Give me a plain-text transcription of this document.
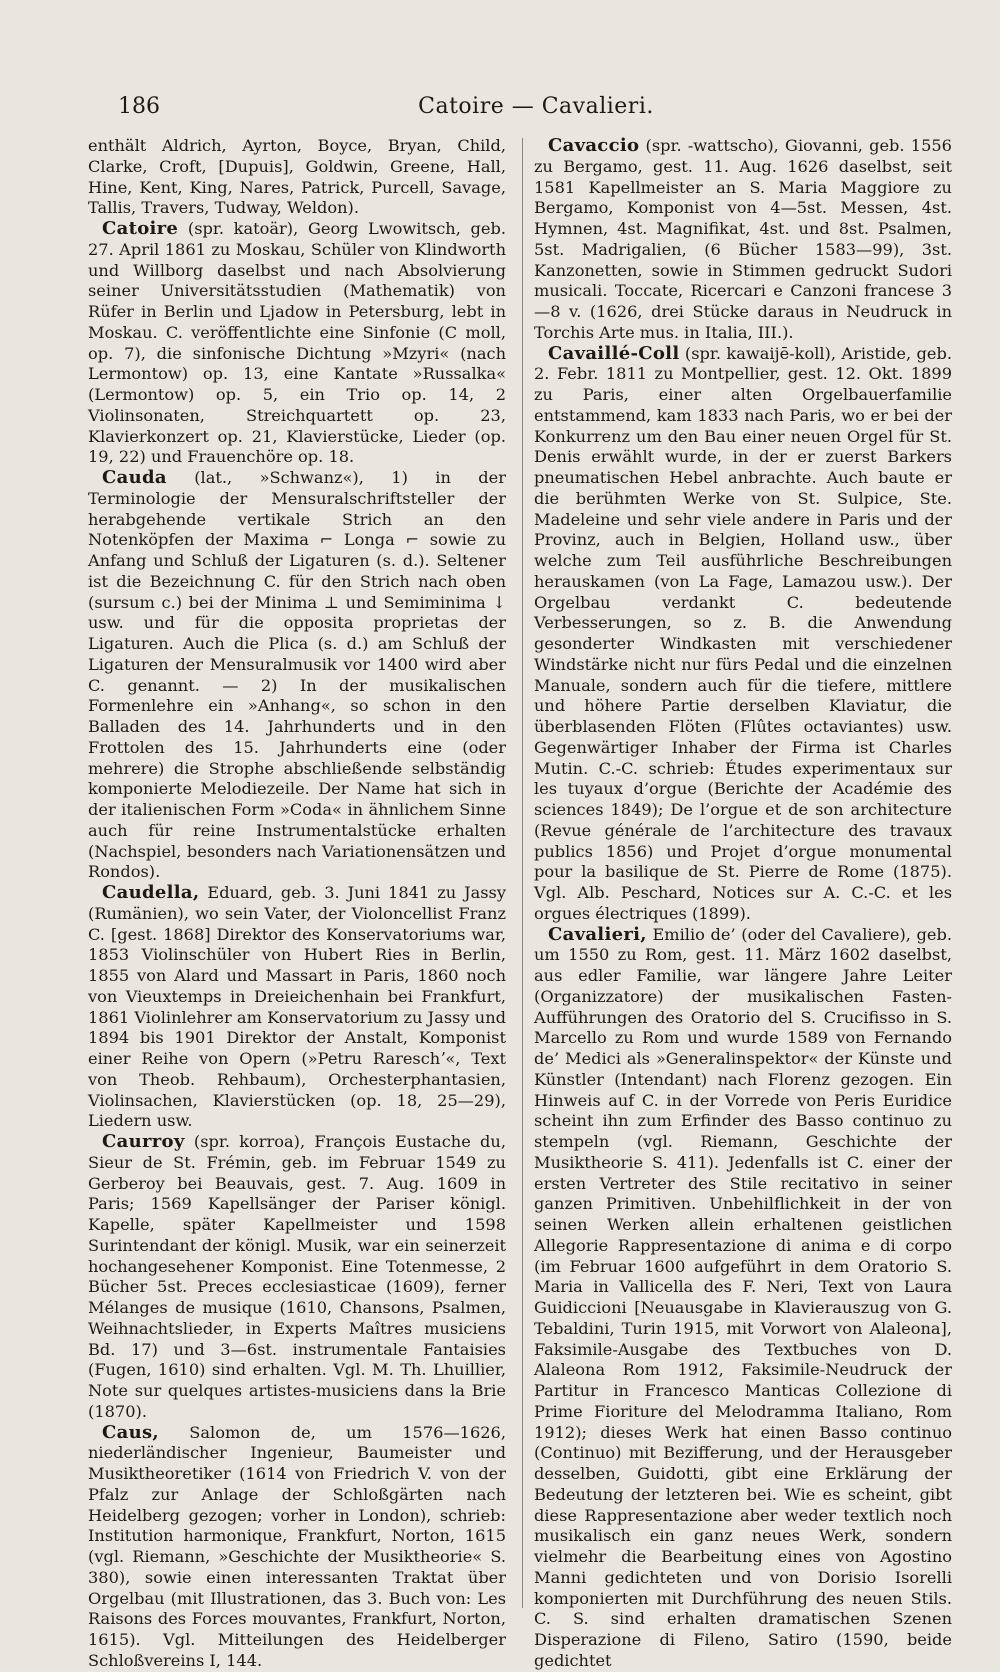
186	Catoire — Cavalieri.

enthält Aldrich, Ayrton, Boyce, Bryan, Child, Clarke, Croft, [Dupuis], Goldwin, Greene, Hall, Hine, Kent, King, Nares, Patrick, Purcell, Savage, Tallis, Travers, Tudway, Weldon).

Catoire (spr. katoär), Georg Lwowitsch, geb. 27. April 1861 zu Moskau, Schüler von Klindworth und Willborg daselbst und nach Absolvierung seiner Universitätsstudien (Mathematik) von Rüfer in Berlin und Ljadow in Petersburg, lebt in Moskau. C. veröffentlichte eine Sinfonie (C moll, op. 7), die sinfonische Dichtung »Mzyri« (nach Lermontow) op. 13, eine Kantate »Russalka« (Lermontow) op. 5, ein Trio op. 14, 2 Violinsonaten, Streichquartett op. 23, Klavierkonzert op. 21, Klavierstücke, Lieder (op. 19, 22) und Frauenchöre op. 18.

Cauda (lat., »Schwanz«), 1) in der Terminologie der Mensuralschriftsteller der herabgehende vertikale Strich an den Notenköpfen der Maxima ⌐ Longa ⌐ sowie zu Anfang und Schluß der Ligaturen (s. d.). Seltener ist die Bezeichnung C. für den Strich nach oben (sursum c.) bei der Minima ⊥ und Semiminima ↓ usw. und für die opposita proprietas der Ligaturen. Auch die Plica (s. d.) am Schluß der Ligaturen der Mensuralmusik vor 1400 wird aber C. genannt. — 2) In der musikalischen Formenlehre ein »Anhang«, so schon in den Balladen des 14. Jahrhunderts und in den Frottolen des 15. Jahrhunderts eine (oder mehrere) die Strophe abschließende selbständig komponierte Melodiezeile. Der Name hat sich in der italienischen Form »Coda« in ähnlichem Sinne auch für reine Instrumentalstücke erhalten (Nachspiel, besonders nach Variationensätzen und Rondos).

Caudella, Eduard, geb. 3. Juni 1841 zu Jassy (Rumänien), wo sein Vater, der Violoncellist Franz C. [gest. 1868] Direktor des Konservatoriums war, 1853 Violinschüler von Hubert Ries in Berlin, 1855 von Alard und Massart in Paris, 1860 noch von Vieuxtemps in Dreieichenhain bei Frankfurt, 1861 Violinlehrer am Konservatorium zu Jassy und 1894 bis 1901 Direktor der Anstalt, Komponist einer Reihe von Opern (»Petru Rareschʼ«, Text von Theob. Rehbaum), Orchesterphantasien, Violinsachen, Klavierstücken (op. 18, 25—29), Liedern usw.

Caurroy (spr. korroa), François Eustache du, Sieur de St. Frémin, geb. im Februar 1549 zu Gerberoy bei Beauvais, gest. 7. Aug. 1609 in Paris; 1569 Kapellsänger der Pariser königl. Kapelle, später Kapellmeister und 1598 Surintendant der königl. Musik, war ein seinerzeit hochangesehener Komponist. Eine Totenmesse, 2 Bücher 5st. Preces ecclesiasticae (1609), ferner Mélanges de musique (1610, Chansons, Psalmen, Weihnachtslieder, in Experts Maîtres musiciens Bd. 17) und 3—6st. instrumentale Fantaisies (Fugen, 1610) sind erhalten. Vgl. M. Th. Lhuillier, Note sur quelques artistes-musiciens dans la Brie (1870).

Caus, Salomon de, um 1576—1626, niederländischer Ingenieur, Baumeister und Musiktheoretiker (1614 von Friedrich V. von der Pfalz zur Anlage der Schloßgärten nach Heidelberg gezogen; vorher in London), schrieb: Institution harmonique, Frankfurt, Norton, 1615 (vgl. Riemann, »Geschichte der Musiktheorie« S. 380), sowie einen interessanten Traktat über Orgelbau (mit Illustrationen, das 3. Buch von: Les Raisons des Forces mouvantes, Frankfurt, Norton, 1615). Vgl. Mitteilungen des Heidelberger Schloßvereins I, 144.

Cavaccio (spr. -wattscho), Giovanni, geb. 1556 zu Bergamo, gest. 11. Aug. 1626 daselbst, seit 1581 Kapellmeister an S. Maria Maggiore zu Bergamo, Komponist von 4—5st. Messen, 4st. Hymnen, 4st. Magnifikat, 4st. und 8st. Psalmen, 5st. Madrigalien, (6 Bücher 1583—99), 3st. Kanzonetten, sowie in Stimmen gedruckt Sudori musicali. Toccate, Ricercari e Canzoni francese 3—8 v. (1626, drei Stücke daraus in Neudruck in Torchis Arte mus. in Italia, III.).

Cavaillé-Coll (spr. kawaijē-koll), Aristide, geb. 2. Febr. 1811 zu Montpellier, gest. 12. Okt. 1899 zu Paris, einer alten Orgelbauerfamilie entstammend, kam 1833 nach Paris, wo er bei der Konkurrenz um den Bau einer neuen Orgel für St. Denis erwählt wurde, in der er zuerst Barkers pneumatischen Hebel anbrachte. Auch baute er die berühmten Werke von St. Sulpice, Ste. Madeleine und sehr viele andere in Paris und der Provinz, auch in Belgien, Holland usw., über welche zum Teil ausführliche Beschreibungen herauskamen (von La Fage, Lamazou usw.). Der Orgelbau verdankt C. bedeutende Verbesserungen, so z. B. die Anwendung gesonderter Windkasten mit verschiedener Windstärke nicht nur fürs Pedal und die einzelnen Manuale, sondern auch für die tiefere, mittlere und höhere Partie derselben Klaviatur, die überblasenden Flöten (Flûtes octaviantes) usw. Gegenwärtiger Inhaber der Firma ist Charles Mutin. C.-C. schrieb: Études experimentaux sur les tuyaux d’orgue (Berichte der Académie des sciences 1849); De l’orgue et de son architecture (Revue générale de l’architecture des travaux publics 1856) und Projet d’orgue monumental pour la basilique de St. Pierre de Rome (1875). Vgl. Alb. Peschard, Notices sur A. C.-C. et les orgues électriques (1899).

Cavalieri, Emilio de’ (oder del Cavaliere), geb. um 1550 zu Rom, gest. 11. März 1602 daselbst, aus edler Familie, war längere Jahre Leiter (Organizzatore) der musikalischen Fasten-Aufführungen des Oratorio del S. Crucifisso in S. Marcello zu Rom und wurde 1589 von Fernando de’ Medici als »Generalinspektor« der Künste und Künstler (Intendant) nach Florenz gezogen. Ein Hinweis auf C. in der Vorrede von Peris Euridice scheint ihn zum Erfinder des Basso continuo zu stempeln (vgl. Riemann, Geschichte der Musiktheorie S. 411). Jedenfalls ist C. einer der ersten Vertreter des Stile recitativo in seiner ganzen Primitiven. Unbehilflichkeit in der von seinen Werken allein erhaltenen geistlichen Allegorie Rappresentazione di anima e di corpo (im Februar 1600 aufgeführt in dem Oratorio S. Maria in Vallicella des F. Neri, Text von Laura Guidiccioni [Neuausgabe in Klavierauszug von G. Tebaldini, Turin 1915, mit Vorwort von Alaleona], Faksimile-Ausgabe des Textbuches von D. Alaleona Rom 1912, Faksimile-Neudruck der Partitur in Francesco Manticas Collezione di Prime Fioriture del Melodramma Italiano, Rom 1912); dieses Werk hat einen Basso continuo (Continuo) mit Bezifferung, und der Herausgeber desselben, Guidotti, gibt eine Erklärung der Bedeutung der letzteren bei. Wie es scheint, gibt diese Rappresentazione aber weder textlich noch musikalisch ein ganz neues Werk, sondern vielmehr die Bearbeitung eines von Agostino Manni gedichteten und von Dorisio Isorelli komponierten mit Durchführung des neuen Stils. C. S. sind erhalten dramatischen Szenen Disperazione di Fileno, Satiro (1590, beide gedichtet
